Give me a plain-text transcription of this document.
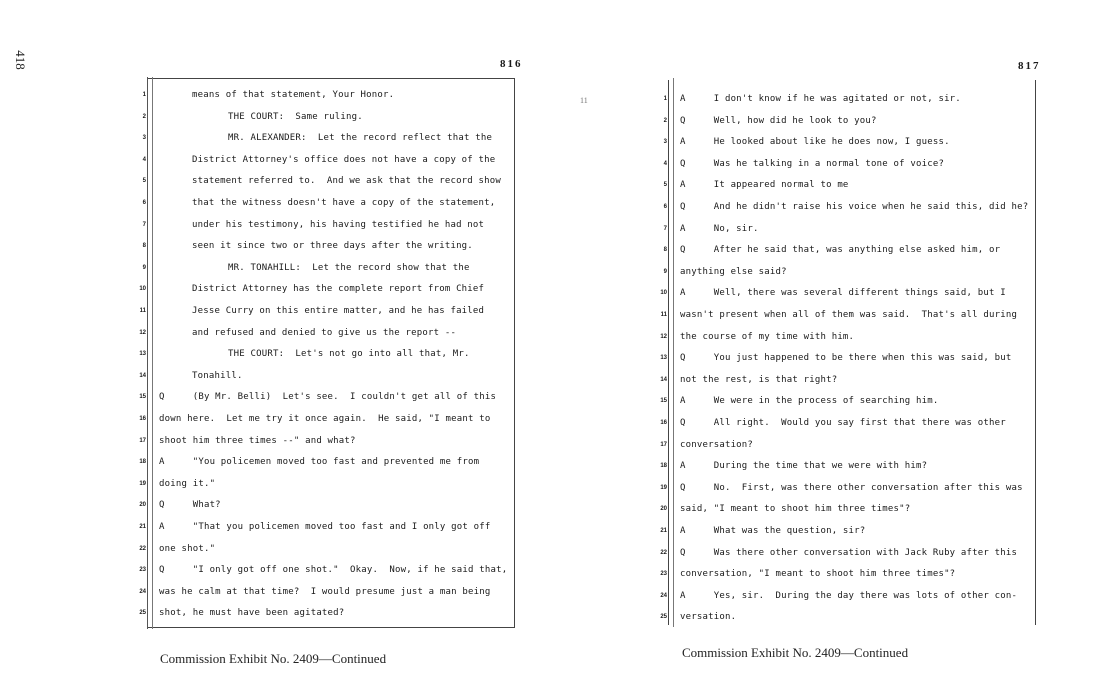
418
11
816
1	means of that statement, Your Honor.
2	THE COURT:  Same ruling.
3	MR. ALEXANDER:  Let the record reflect that the
4	District Attorney's office does not have a copy of the
5	statement referred to.  And we ask that the record show
6	that the witness doesn't have a copy of the statement,
7	under his testimony, his having testified he had not
8	seen it since two or three days after the writing.
9	MR. TONAHILL:  Let the record show that the
10	District Attorney has the complete report from Chief
11	Jesse Curry on this entire matter, and he has failed
12	and refused and denied to give us the report --
13	THE COURT:  Let's not go into all that, Mr.
14	Tonahill.
15 Q     (By Mr. Belli)  Let's see.  I couldn't get all of this
16 down here.  Let me try it once again.  He said, "I meant to
17 shoot him three times --" and what?
18 A     "You policemen moved too fast and prevented me from
19 doing it."
20 Q     What?
21 A     "That you policemen moved too fast and I only got off
22 one shot."
23 Q     "I only got off one shot."  Okay.  Now, if he said that,
24 was he calm at that time?  I would presume just a man being
25 shot, he must have been agitated?
Commission Exhibit No. 2409—Continued
817
1 A     I don't know if he was agitated or not, sir.
2 Q     Well, how did he look to you?
3 A     He looked about like he does now, I guess.
4 Q     Was he talking in a normal tone of voice?
5 A     It appeared normal to me
6 Q     And he didn't raise his voice when he said this, did he?
7 A     No, sir.
8 Q     After he said that, was anything else asked him, or
9 anything else said?
10 A     Well, there was several different things said, but I
11 wasn't present when all of them was said.  That's all during
12 the course of my time with him.
13 Q     You just happened to be there when this was said, but
14 not the rest, is that right?
15 A     We were in the process of searching him.
16 Q     All right.  Would you say first that there was other
17 conversation?
18 A     During the time that we were with him?
19 Q     No.  First, was there other conversation after this was
20 said, "I meant to shoot him three times"?
21 A     What was the question, sir?
22 Q     Was there other conversation with Jack Ruby after this
23 conversation, "I meant to shoot him three times"?
24 A     Yes, sir.  During the day there was lots of other con-
25 versation.
Commission Exhibit No. 2409—Continued
